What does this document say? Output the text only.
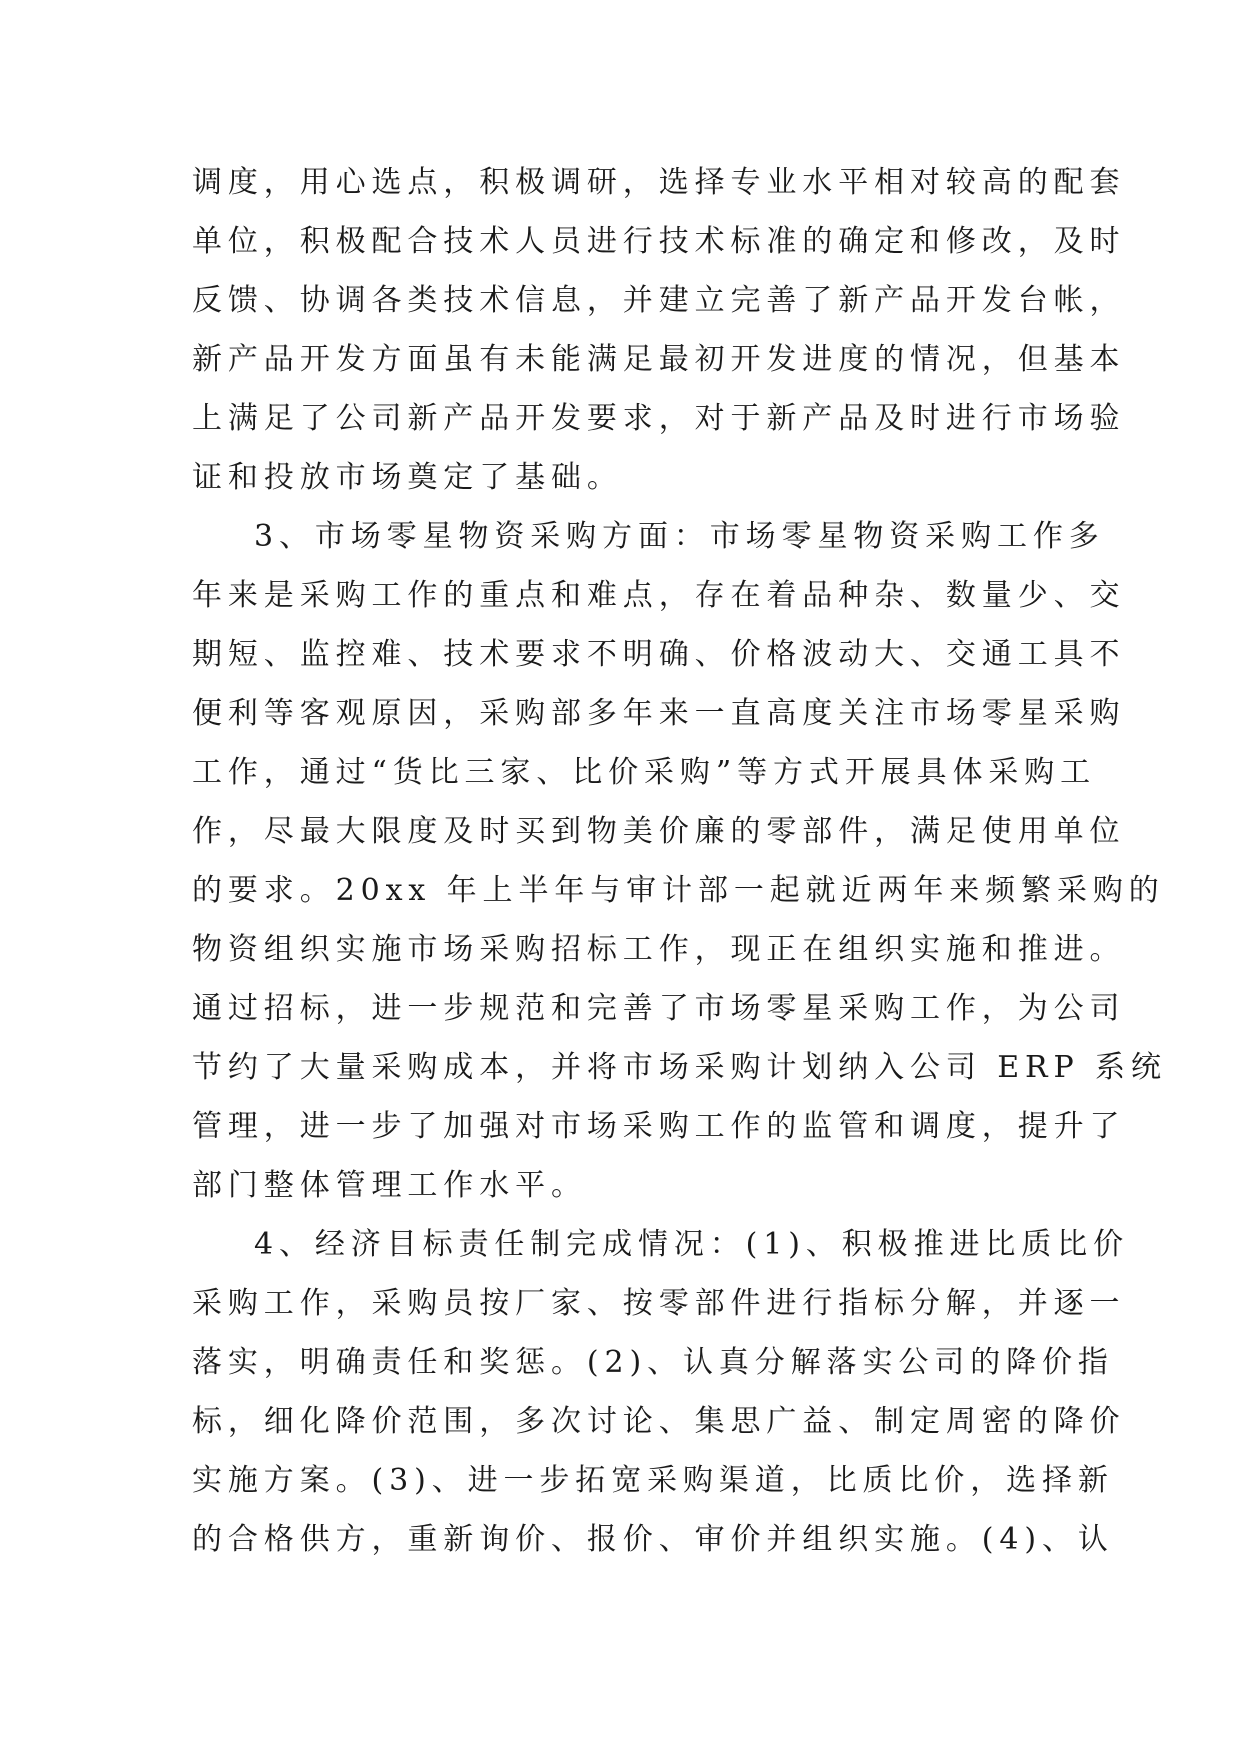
调度，用心选点，积极调研，选择专业水平相对较高的配套
单位，积极配合技术人员进行技术标准的确定和修改，及时
反馈、协调各类技术信息，并建立完善了新产品开发台帐，
新产品开发方面虽有未能满足最初开发进度的情况，但基本
上满足了公司新产品开发要求，对于新产品及时进行市场验
证和投放市场奠定了基础。
3、市场零星物资采购方面：市场零星物资采购工作多
年来是采购工作的重点和难点，存在着品种杂、数量少、交
期短、监控难、技术要求不明确、价格波动大、交通工具不
便利等客观原因，采购部多年来一直高度关注市场零星采购
工作，通过“货比三家、比价采购”等方式开展具体采购工
作，尽最大限度及时买到物美价廉的零部件，满足使用单位
的要求。20xx 年上半年与审计部一起就近两年来频繁采购的
物资组织实施市场采购招标工作，现正在组织实施和推进。
通过招标，进一步规范和完善了市场零星采购工作，为公司
节约了大量采购成本，并将市场采购计划纳入公司 ERP 系统
管理，进一步了加强对市场采购工作的监管和调度，提升了
部门整体管理工作水平。
4、经济目标责任制完成情况：(1)、积极推进比质比价
采购工作，采购员按厂家、按零部件进行指标分解，并逐一
落实，明确责任和奖惩。(2)、认真分解落实公司的降价指
标，细化降价范围，多次讨论、集思广益、制定周密的降价
实施方案。(3)、进一步拓宽采购渠道，比质比价，选择新
的合格供方，重新询价、报价、审价并组织实施。(4)、认
